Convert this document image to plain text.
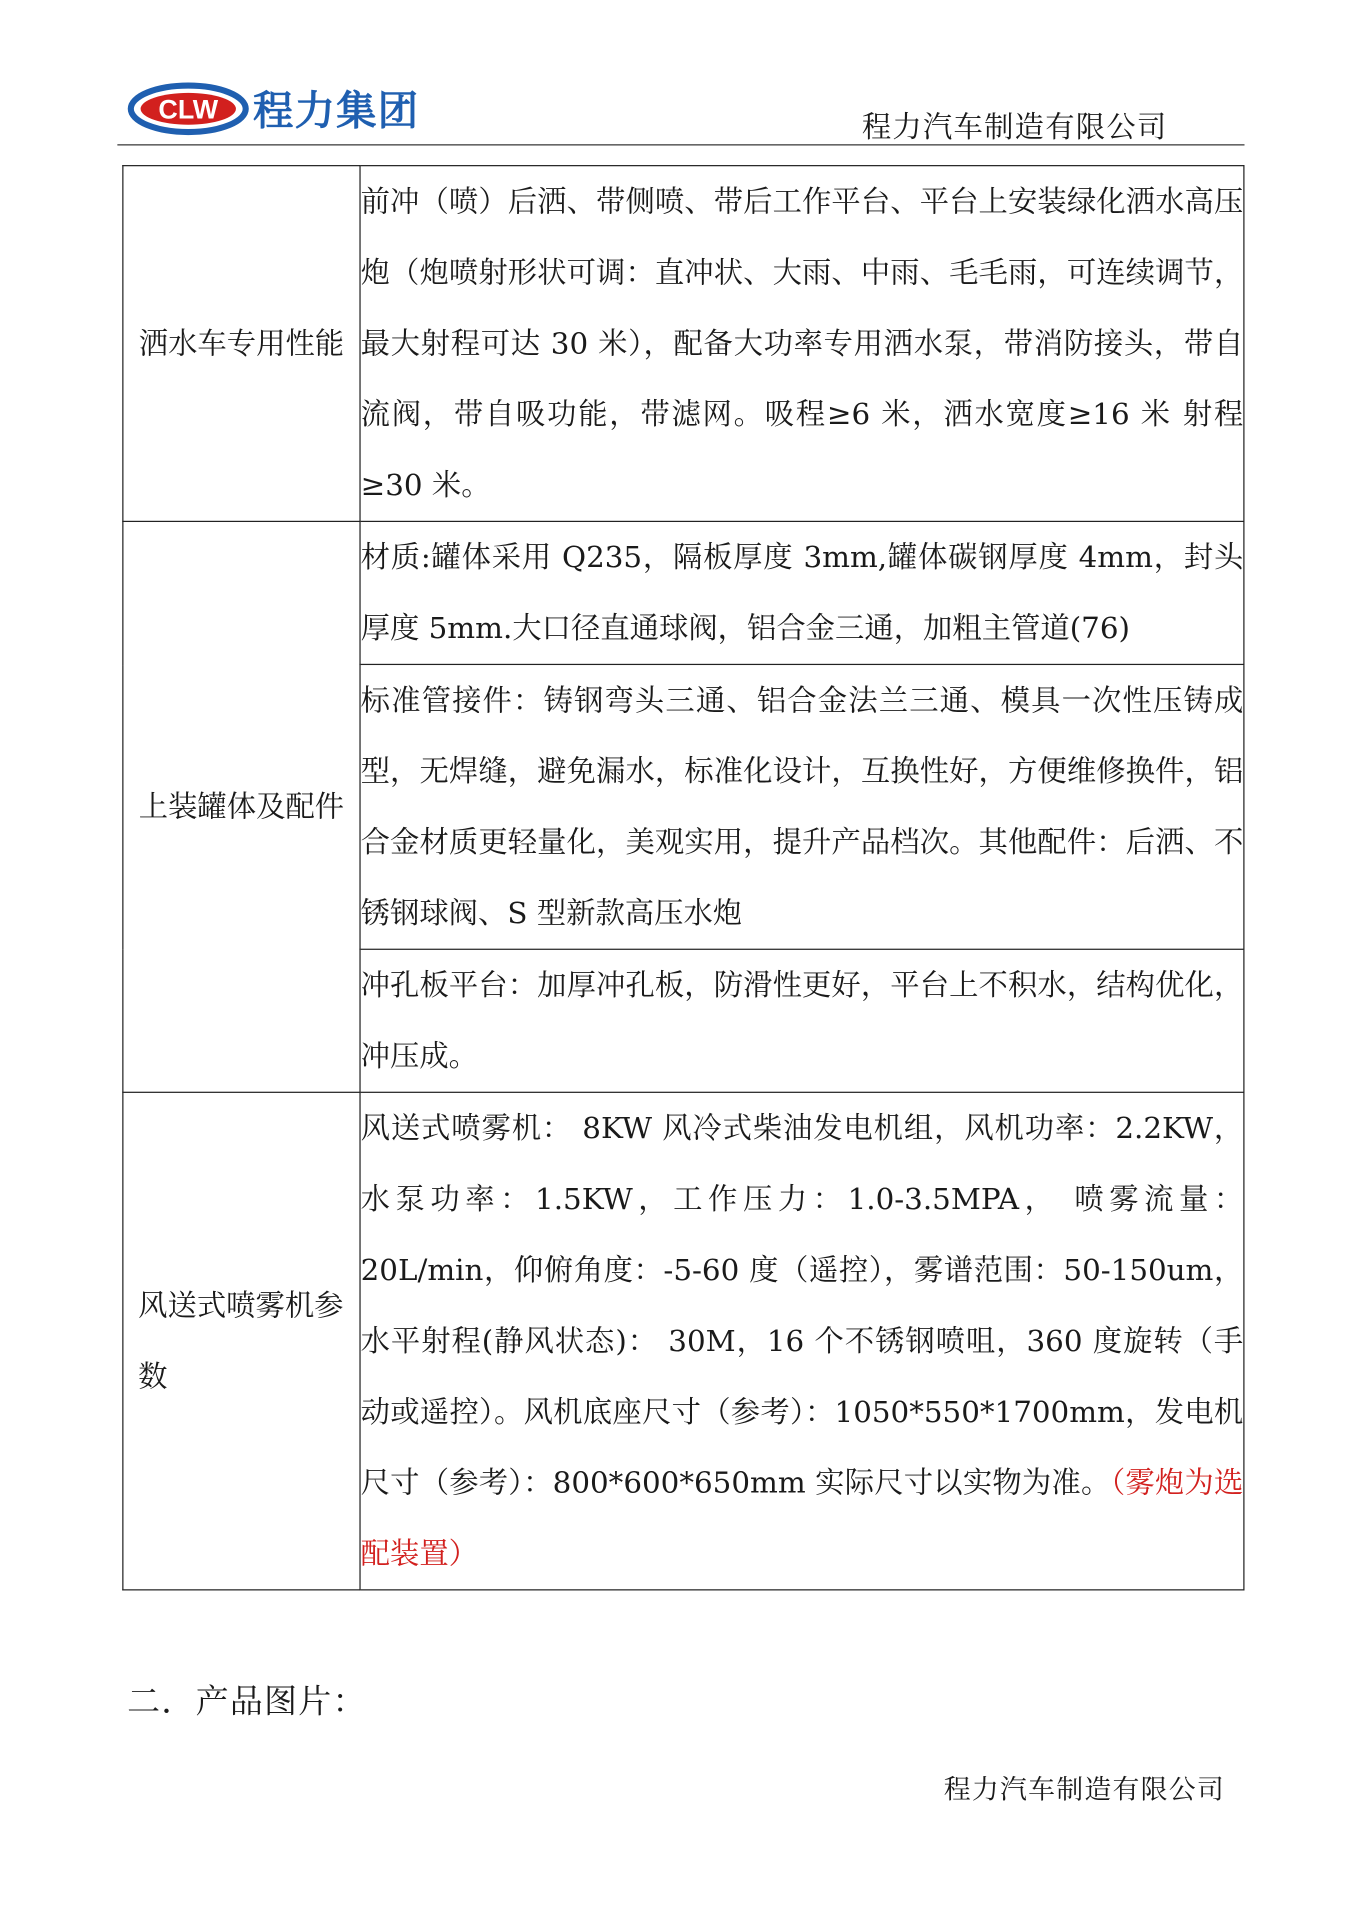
CLW 程力集团	程力汽车制造有限公司
洒水车专用性能	前冲（喷）后洒、带侧喷、带后工作平台、平台上安装绿化洒水高压炮（炮喷射形状可调：直冲状、大雨、中雨、毛毛雨，可连续调节，最大射程可达 30 米），配备大功率专用洒水泵，带消防接头，带自流阀，带自吸功能，带滤网。吸程≥6 米，洒水宽度≥16 米 射程≥30 米。
上装罐体及配件	材质:罐体采用 Q235，隔板厚度 3mm,罐体碳钢厚度 4mm，封头厚度 5mm.大口径直通球阀，铝合金三通，加粗主管道(76)
	标准管接件：铸钢弯头三通、铝合金法兰三通、模具一次性压铸成型，无焊缝，避免漏水，标准化设计，互换性好，方便维修换件，铝合金材质更轻量化，美观实用，提升产品档次。其他配件：后洒、不锈钢球阀、S 型新款高压水炮
	冲孔板平台：加厚冲孔板，防滑性更好，平台上不积水，结构优化，冲压成。
风送式喷雾机参数	风送式喷雾机： 8KW 风冷式柴油发电机组，风机功率：2.2KW，水泵功率：1.5KW，工作压力：1.0-3.5MPA， 喷雾流量：20L/min，仰俯角度：-5-60 度（遥控），雾谱范围：50-150um，水平射程(静风状态)： 30M，16 个不锈钢喷咀，360 度旋转（手动或遥控）。风机底座尺寸（参考）：1050*550*1700mm，发电机尺寸（参考）：800*600*650mm 实际尺寸以实物为准。（雾炮为选配装置）
二．产品图片：
程力汽车制造有限公司
